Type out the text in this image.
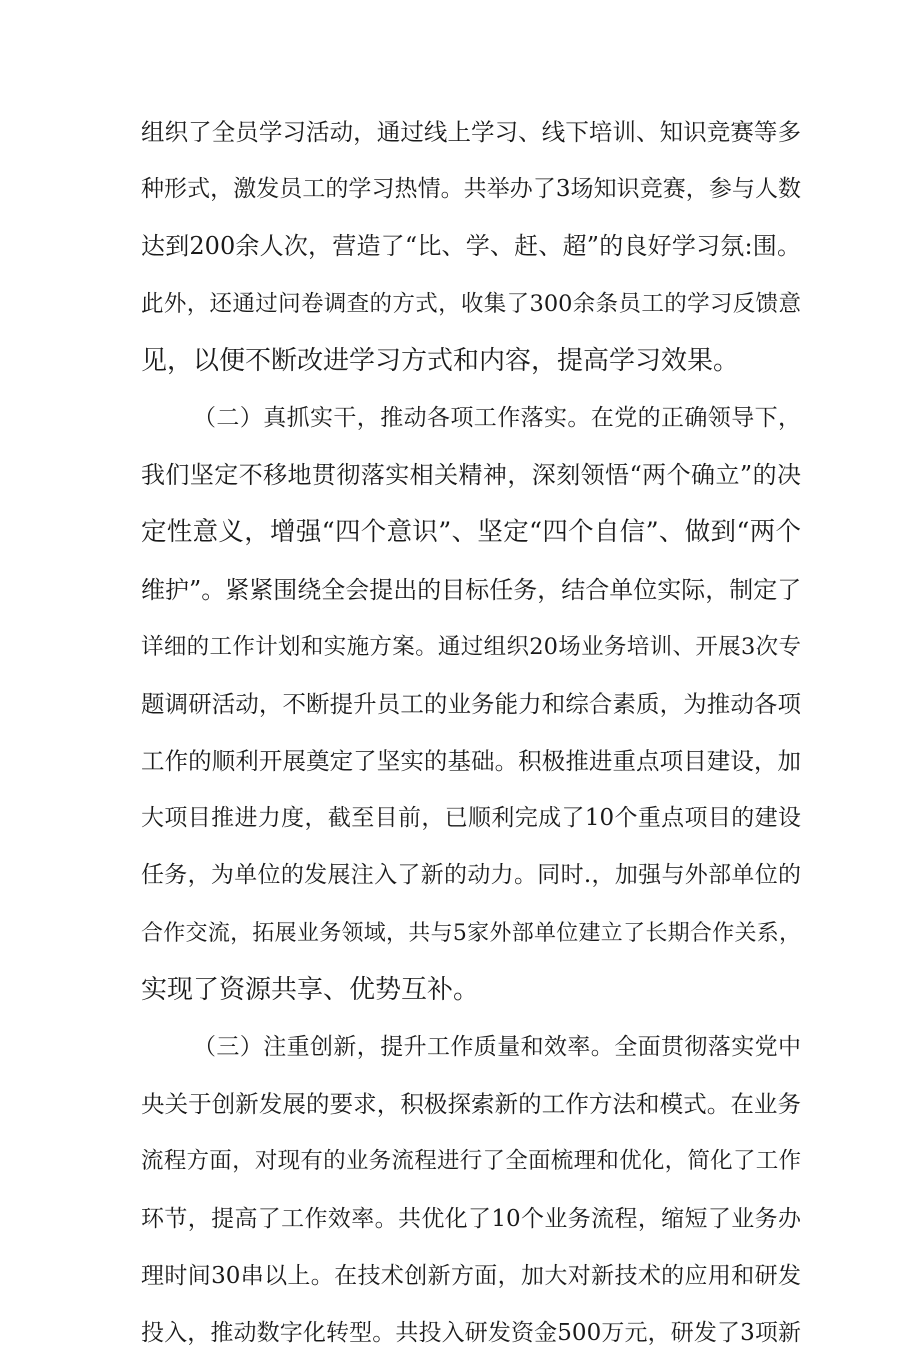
组织了全员学习活动，通过线上学习、线下培训、知识竞赛等多
种形式，激发员工的学习热情。共举办了3场知识竞赛，参与人数
达到200余人次，营造了“比、学、赶、超”的良好学习氛:围。
此外，还通过问卷调查的方式，收集了300余条员工的学习反馈意
见，以便不断改进学习方式和内容，提高学习效果。
（二）真抓实干，推动各项工作落实。在党的正确领导下，
我们坚定不移地贯彻落实相关精神，深刻领悟“两个确立”的决
定性意义，增强“四个意识”、坚定“四个自信”、做到“两个
维护”。紧紧围绕全会提出的目标任务，结合单位实际，制定了
详细的工作计划和实施方案。通过组织20场业务培训、开展3次专
题调研活动，不断提升员工的业务能力和综合素质，为推动各项
工作的顺利开展奠定了坚实的基础。积极推进重点项目建设，加
大项目推进力度，截至目前，已顺利完成了10个重点项目的建设
任务，为单位的发展注入了新的动力。同时.，加强与外部单位的
合作交流，拓展业务领域，共与5家外部单位建立了长期合作关系，
实现了资源共享、优势互补。
（三）注重创新，提升工作质量和效率。全面贯彻落实党中
央关于创新发展的要求，积极探索新的工作方法和模式。在业务
流程方面，对现有的业务流程进行了全面梳理和优化，简化了工作
环节，提高了工作效率。共优化了10个业务流程，缩短了业务办
理时间30串以上。在技术创新方面，加大对新技术的应用和研发
投入，推动数字化转型。共投入研发资金500万元，研发了3项新
